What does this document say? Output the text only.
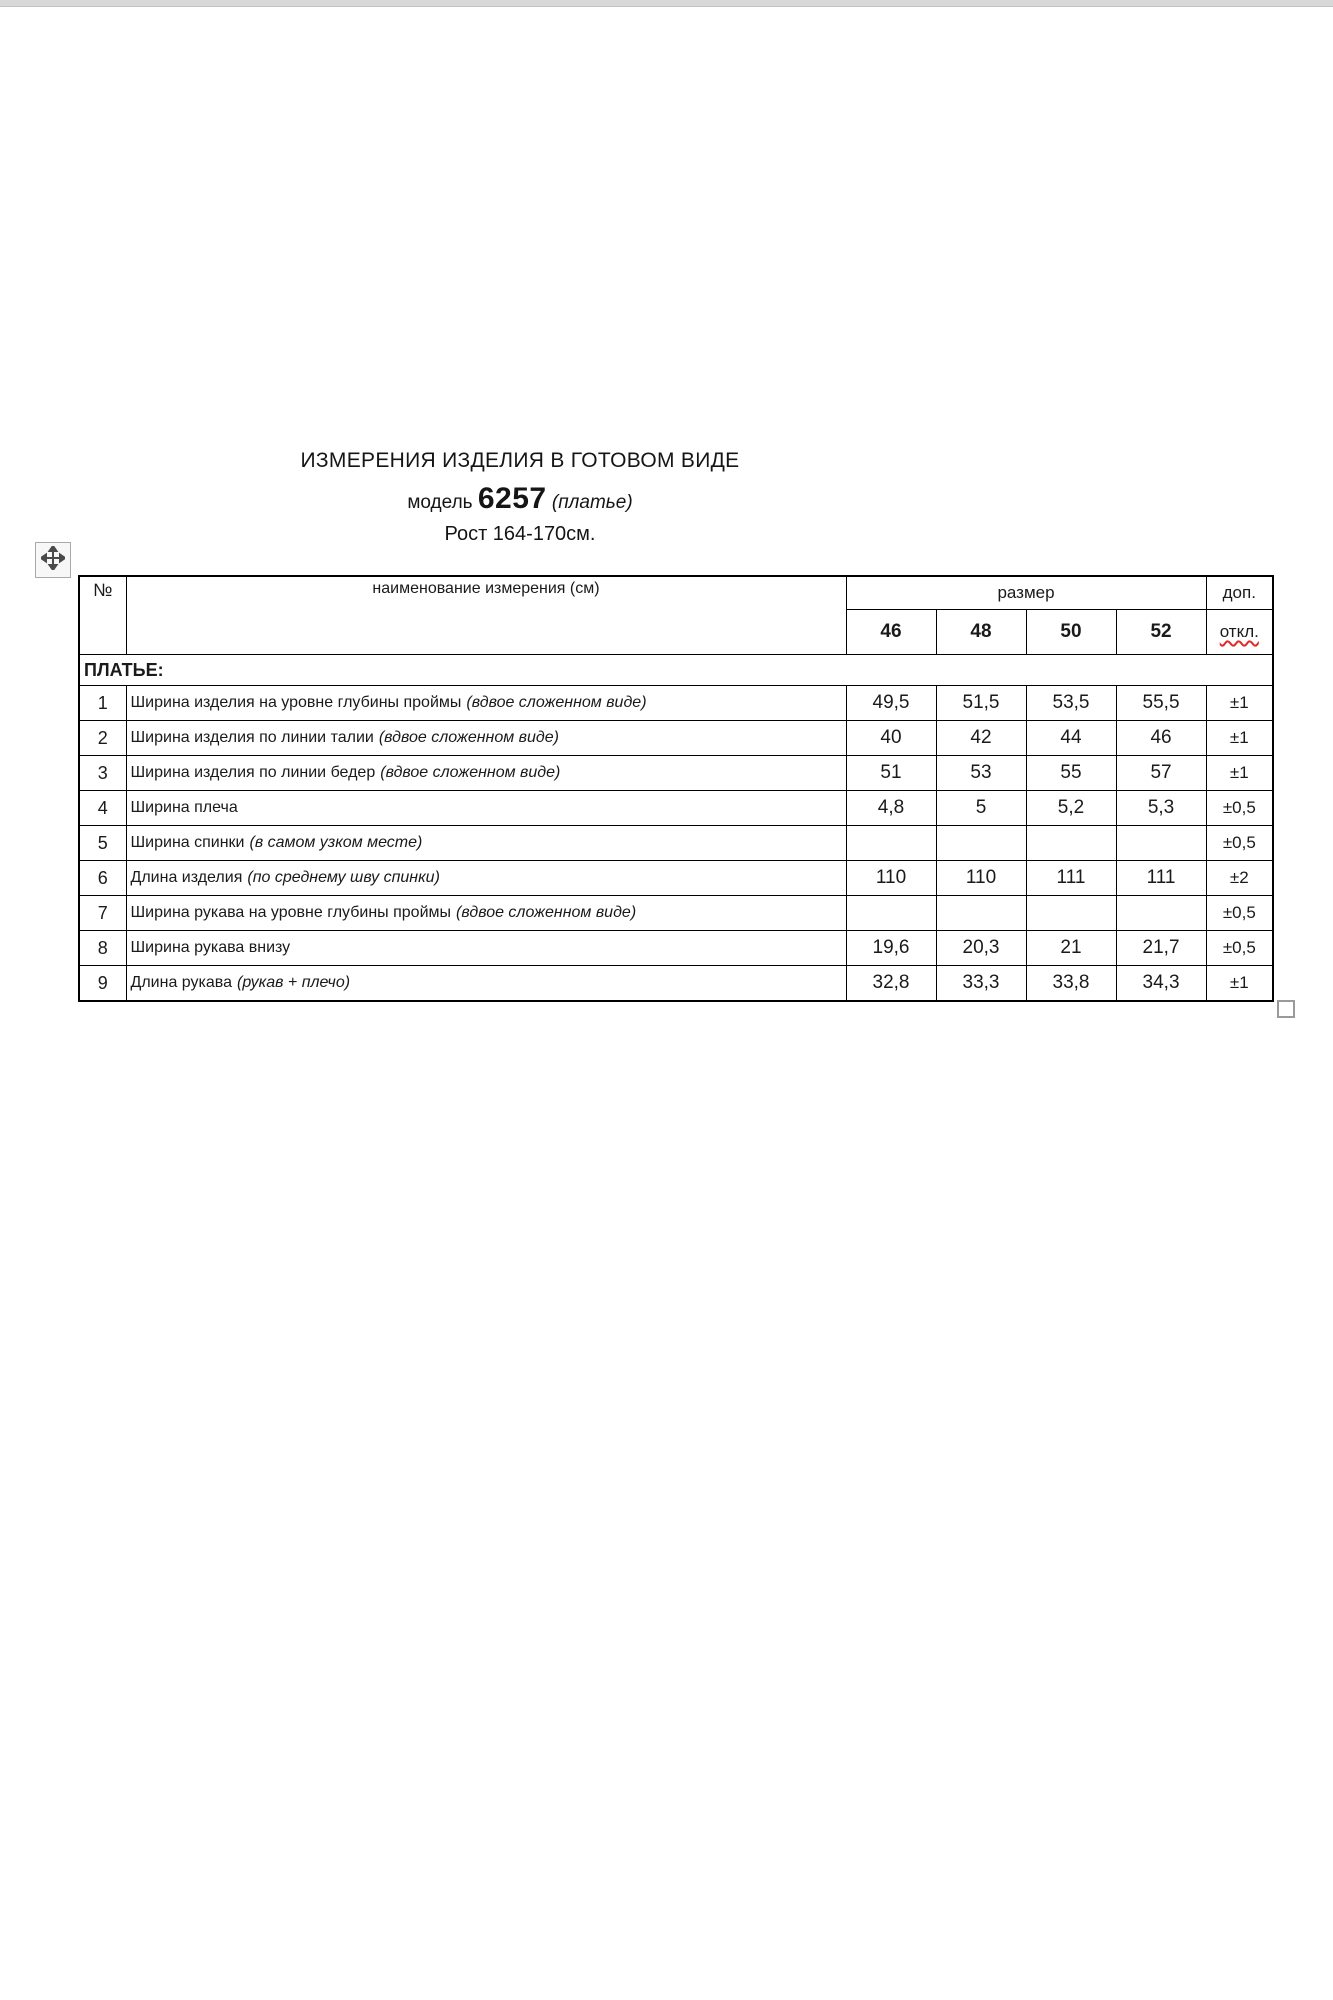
ИЗМЕРЕНИЯ ИЗДЕЛИЯ В ГОТОВОМ ВИДЕ

модель 6257 (платье)

Рост 164-170см.

№	наименование измерения (см)	размер				доп.
		46	48	50	52	откл.
ПЛАТЬЕ:						
1	Ширина изделия на уровне глубины проймы (вдвое сложенном виде)	49,5	51,5	53,5	55,5	±1
2	Ширина изделия по линии талии (вдвое сложенном виде)	40	42	44	46	±1
3	Ширина изделия по линии бедер (вдвое сложенном виде)	51	53	55	57	±1
4	Ширина плеча	4,8	5	5,2	5,3	±0,5
5	Ширина спинки (в самом узком месте)					±0,5
6	Длина изделия (по среднему шву спинки)	110	110	111	111	±2
7	Ширина рукава на уровне глубины проймы (вдвое сложенном виде)					±0,5
8	Ширина рукава внизу	19,6	20,3	21	21,7	±0,5
9	Длина рукава (рукав + плечо)	32,8	33,3	33,8	34,3	±1
